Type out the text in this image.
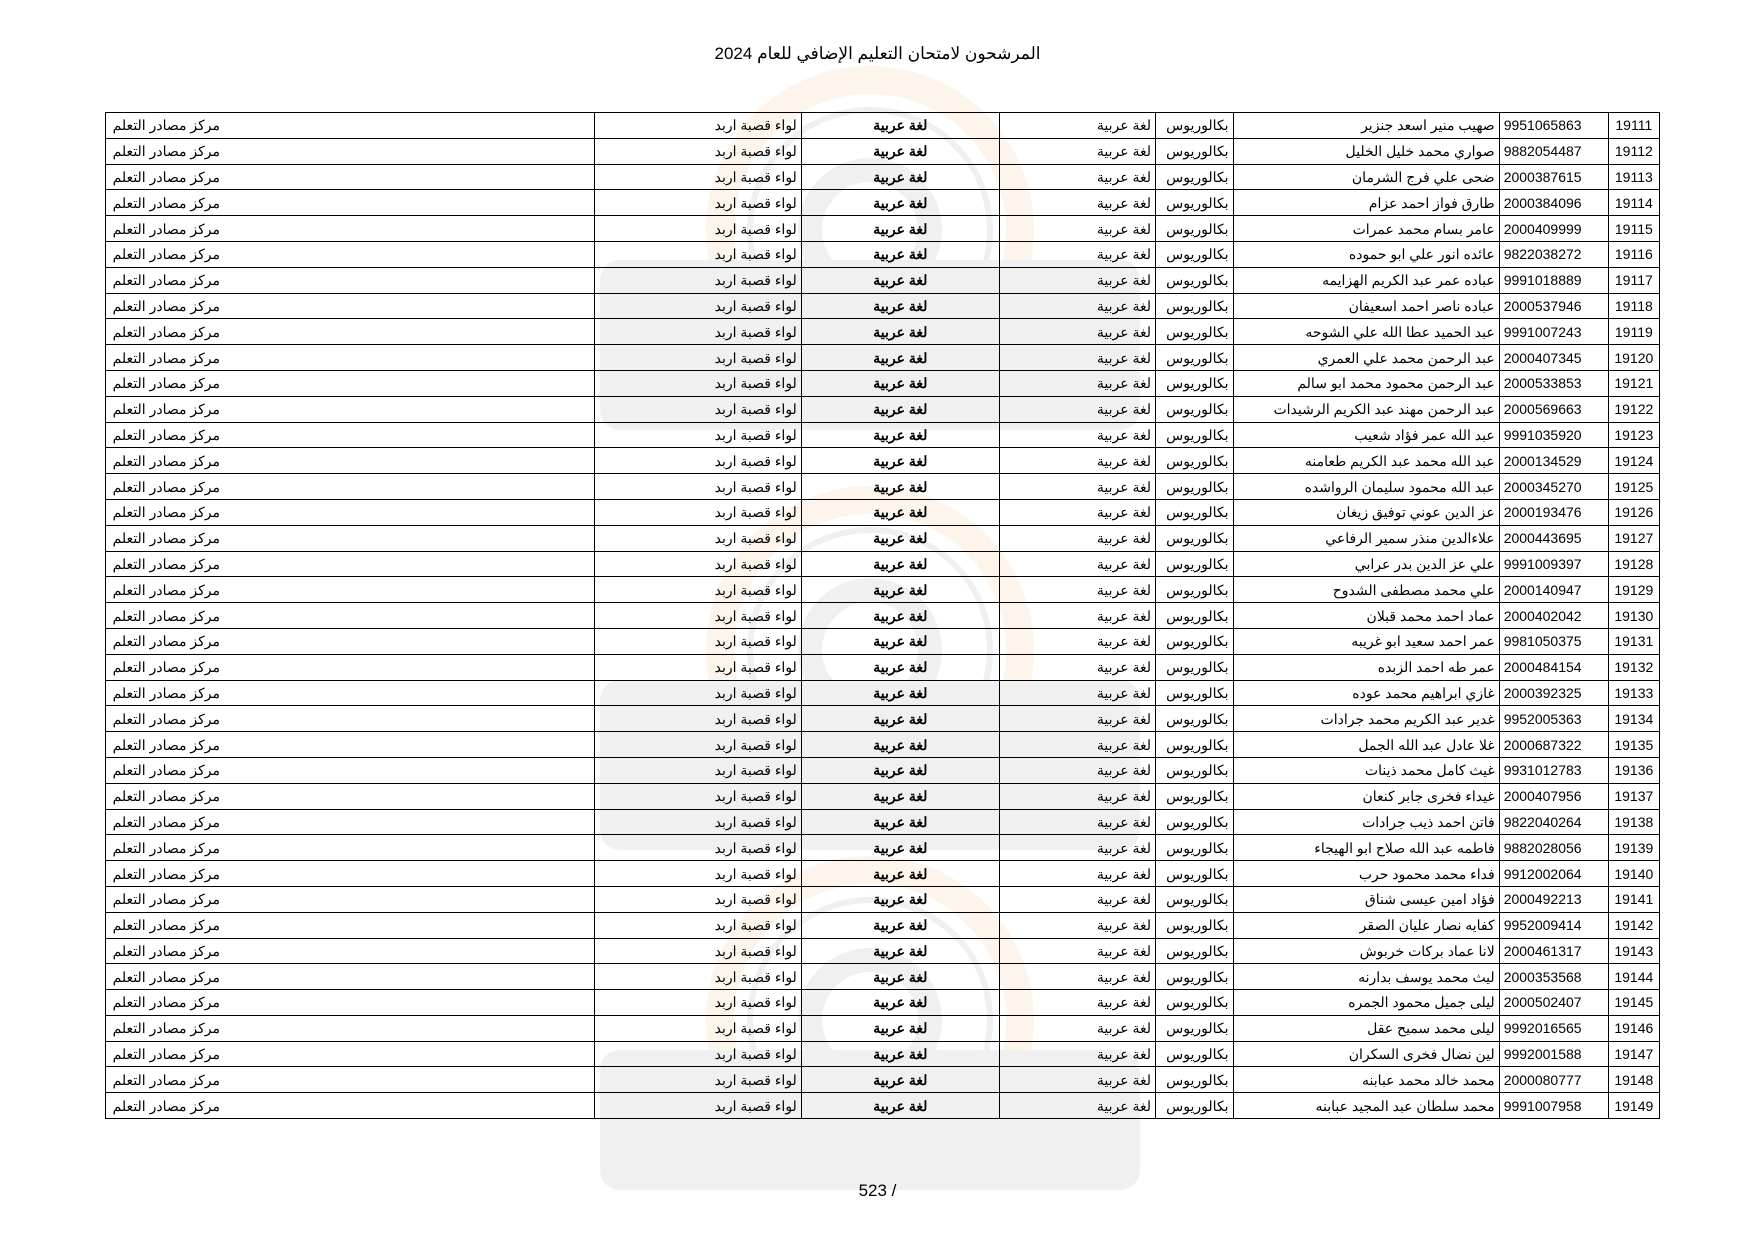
المرشحون لامتحان التعليم الإضافي للعام 2024
19111	9951065863	صهيب منير اسعد جنزير	بكالوريوس	لغة عربية	لغة عربية	لواء قصبة اربد	مركز مصادر التعلم
19112	9882054487	صواري محمد خليل الخليل	بكالوريوس	لغة عربية	لغة عربية	لواء قصبة اربد	مركز مصادر التعلم
19113	2000387615	ضحى علي فرج الشرمان	بكالوريوس	لغة عربية	لغة عربية	لواء قصبة اربد	مركز مصادر التعلم
19114	2000384096	طارق فواز احمد عزام	بكالوريوس	لغة عربية	لغة عربية	لواء قصبة اربد	مركز مصادر التعلم
19115	2000409999	عامر بسام محمد عمرات	بكالوريوس	لغة عربية	لغة عربية	لواء قصبة اربد	مركز مصادر التعلم
19116	9822038272	عائده انور علي ابو حموده	بكالوريوس	لغة عربية	لغة عربية	لواء قصبة اربد	مركز مصادر التعلم
19117	9991018889	عباده عمر عبد الكريم الهزايمه	بكالوريوس	لغة عربية	لغة عربية	لواء قصبة اربد	مركز مصادر التعلم
19118	2000537946	عباده ناصر احمد اسعيفان	بكالوريوس	لغة عربية	لغة عربية	لواء قصبة اربد	مركز مصادر التعلم
19119	9991007243	عبد الحميد عطا الله علي الشوحه	بكالوريوس	لغة عربية	لغة عربية	لواء قصبة اربد	مركز مصادر التعلم
19120	2000407345	عبد الرحمن محمد علي العمري	بكالوريوس	لغة عربية	لغة عربية	لواء قصبة اربد	مركز مصادر التعلم
19121	2000533853	عبد الرحمن محمود محمد ابو سالم	بكالوريوس	لغة عربية	لغة عربية	لواء قصبة اربد	مركز مصادر التعلم
19122	2000569663	عبد الرحمن مهند عبد الكريم الرشيدات	بكالوريوس	لغة عربية	لغة عربية	لواء قصبة اربد	مركز مصادر التعلم
19123	9991035920	عبد الله عمر فؤاد شعيب	بكالوريوس	لغة عربية	لغة عربية	لواء قصبة اربد	مركز مصادر التعلم
19124	2000134529	عبد الله محمد عبد الكريم طعامنه	بكالوريوس	لغة عربية	لغة عربية	لواء قصبة اربد	مركز مصادر التعلم
19125	2000345270	عبد الله محمود سليمان الرواشده	بكالوريوس	لغة عربية	لغة عربية	لواء قصبة اربد	مركز مصادر التعلم
19126	2000193476	عز الدين عوني توفيق زيغان	بكالوريوس	لغة عربية	لغة عربية	لواء قصبة اربد	مركز مصادر التعلم
19127	2000443695	علاءالدين منذر سمير الرفاعي	بكالوريوس	لغة عربية	لغة عربية	لواء قصبة اربد	مركز مصادر التعلم
19128	9991009397	علي عز الدين بدر عرابي	بكالوريوس	لغة عربية	لغة عربية	لواء قصبة اربد	مركز مصادر التعلم
19129	2000140947	علي محمد مصطفى الشدوح	بكالوريوس	لغة عربية	لغة عربية	لواء قصبة اربد	مركز مصادر التعلم
19130	2000402042	عماد احمد محمد قبلان	بكالوريوس	لغة عربية	لغة عربية	لواء قصبة اربد	مركز مصادر التعلم
19131	9981050375	عمر احمد سعيد ابو غريبه	بكالوريوس	لغة عربية	لغة عربية	لواء قصبة اربد	مركز مصادر التعلم
19132	2000484154	عمر طه احمد الزبده	بكالوريوس	لغة عربية	لغة عربية	لواء قصبة اربد	مركز مصادر التعلم
19133	2000392325	غازي ابراهيم محمد عوده	بكالوريوس	لغة عربية	لغة عربية	لواء قصبة اربد	مركز مصادر التعلم
19134	9952005363	غدير عبد الكريم محمد جرادات	بكالوريوس	لغة عربية	لغة عربية	لواء قصبة اربد	مركز مصادر التعلم
19135	2000687322	غلا عادل عبد الله الجمل	بكالوريوس	لغة عربية	لغة عربية	لواء قصبة اربد	مركز مصادر التعلم
19136	9931012783	غيث كامل محمد ذينات	بكالوريوس	لغة عربية	لغة عربية	لواء قصبة اربد	مركز مصادر التعلم
19137	2000407956	غيداء فخرى جابر كنعان	بكالوريوس	لغة عربية	لغة عربية	لواء قصبة اربد	مركز مصادر التعلم
19138	9822040264	فاتن احمد ذيب جرادات	بكالوريوس	لغة عربية	لغة عربية	لواء قصبة اربد	مركز مصادر التعلم
19139	9882028056	فاطمه عبد الله صلاح ابو الهيجاء	بكالوريوس	لغة عربية	لغة عربية	لواء قصبة اربد	مركز مصادر التعلم
19140	9912002064	فداء محمد محمود حرب	بكالوريوس	لغة عربية	لغة عربية	لواء قصبة اربد	مركز مصادر التعلم
19141	2000492213	فؤاد امين عيسى شناق	بكالوريوس	لغة عربية	لغة عربية	لواء قصبة اربد	مركز مصادر التعلم
19142	9952009414	كفايه نصار عليان الصقر	بكالوريوس	لغة عربية	لغة عربية	لواء قصبة اربد	مركز مصادر التعلم
19143	2000461317	لانا عماد بركات خربوش	بكالوريوس	لغة عربية	لغة عربية	لواء قصبة اربد	مركز مصادر التعلم
19144	2000353568	ليث محمد يوسف بدارنه	بكالوريوس	لغة عربية	لغة عربية	لواء قصبة اربد	مركز مصادر التعلم
19145	2000502407	ليلى جميل محمود الجمره	بكالوريوس	لغة عربية	لغة عربية	لواء قصبة اربد	مركز مصادر التعلم
19146	9992016565	ليلى محمد سميح عقل	بكالوريوس	لغة عربية	لغة عربية	لواء قصبة اربد	مركز مصادر التعلم
19147	9992001588	لين نضال فخرى السكران	بكالوريوس	لغة عربية	لغة عربية	لواء قصبة اربد	مركز مصادر التعلم
19148	2000080777	محمد خالد محمد عبابنه	بكالوريوس	لغة عربية	لغة عربية	لواء قصبة اربد	مركز مصادر التعلم
19149	9991007958	محمد سلطان عبد المجيد عبابنه	بكالوريوس	لغة عربية	لغة عربية	لواء قصبة اربد	مركز مصادر التعلم
523 /
